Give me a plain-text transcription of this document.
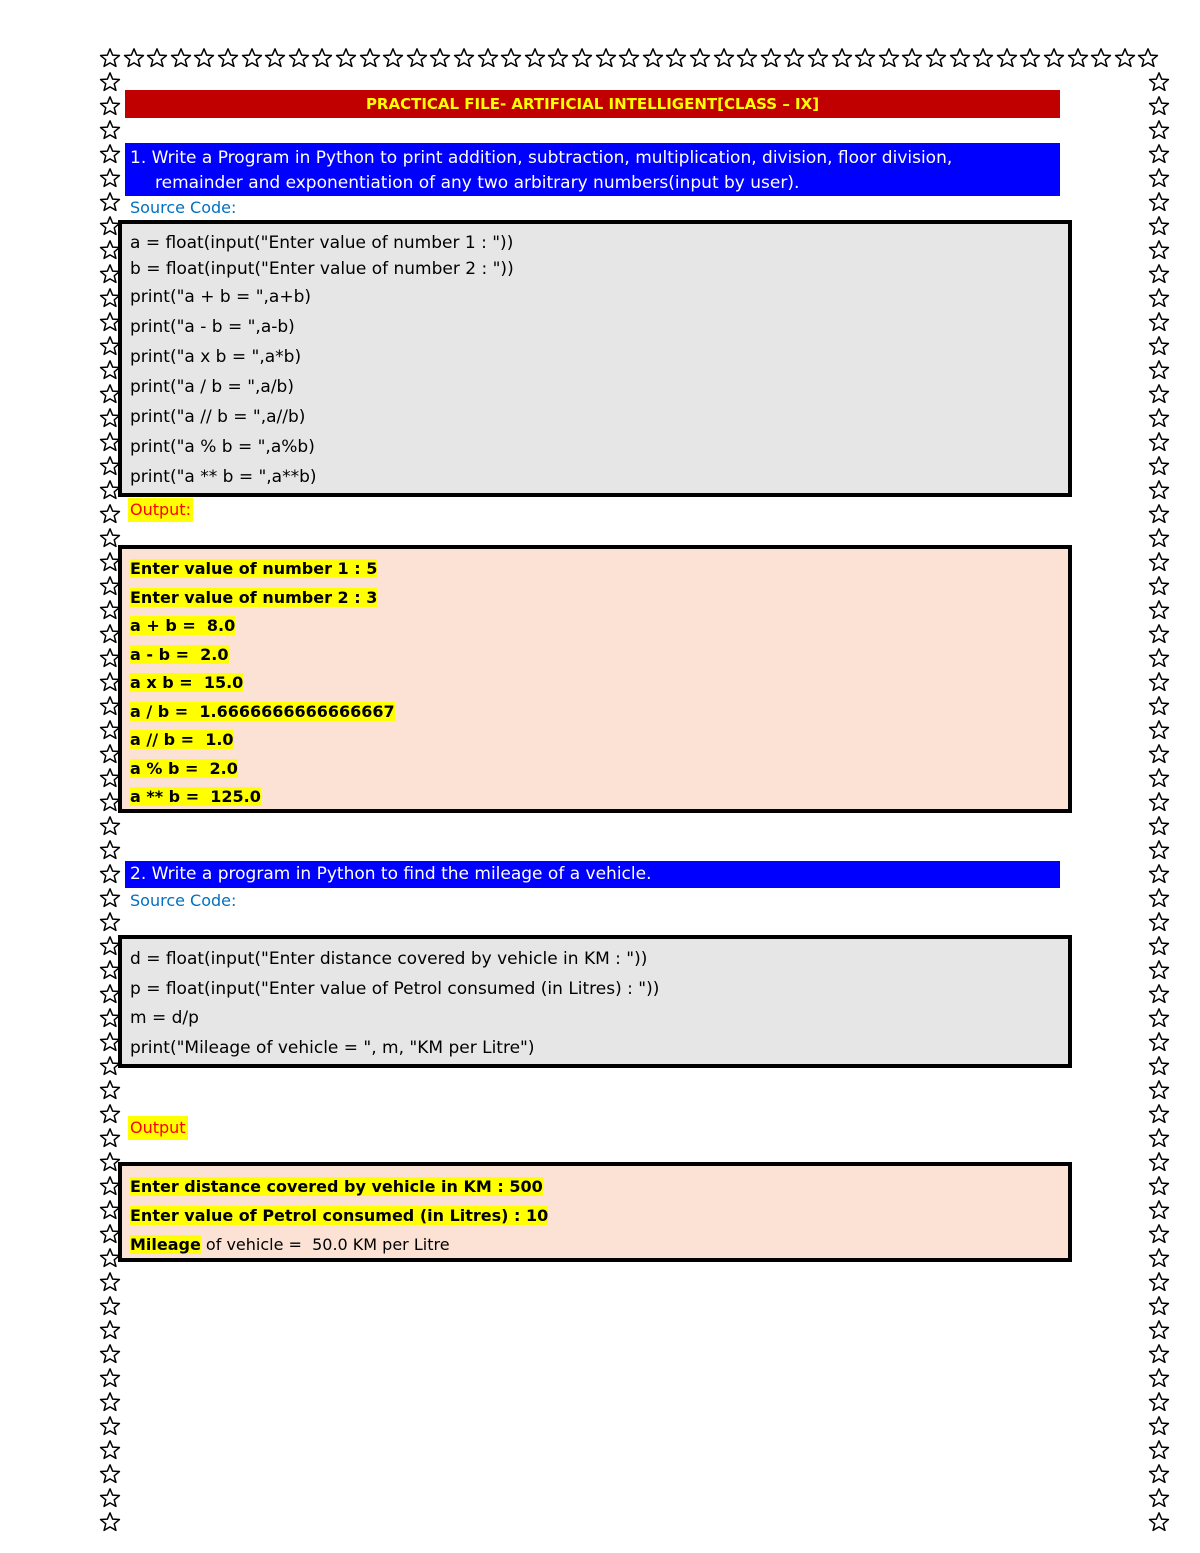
PRACTICAL FILE- ARTIFICIAL INTELLIGENT[CLASS – IX]
1. Write a Program in Python to print addition, subtraction, multiplication, division, floor division,
remainder and exponentiation of any two arbitrary numbers(input by user).
Source Code:
a = float(input("Enter value of number 1 : "))
b = float(input("Enter value of number 2 : "))
print("a + b = ",a+b)
print("a - b = ",a-b)
print("a x b = ",a*b)
print("a / b = ",a/b)
print("a // b = ",a//b)
print("a % b = ",a%b)
print("a ** b = ",a**b)
Output:
Enter value of number 1 : 5
Enter value of number 2 : 3
a + b =  8.0
a - b =  2.0
a x b =  15.0
a / b =  1.6666666666666667
a // b =  1.0
a % b =  2.0
a ** b =  125.0
2. Write a program in Python to find the mileage of a vehicle.
Source Code:
d = float(input("Enter distance covered by vehicle in KM : "))
p = float(input("Enter value of Petrol consumed (in Litres) : "))
m = d/p
print("Mileage of vehicle = ", m, "KM per Litre")
Output
Enter distance covered by vehicle in KM : 500
Enter value of Petrol consumed (in Litres) : 10
Mileage of vehicle =  50.0 KM per Litre
